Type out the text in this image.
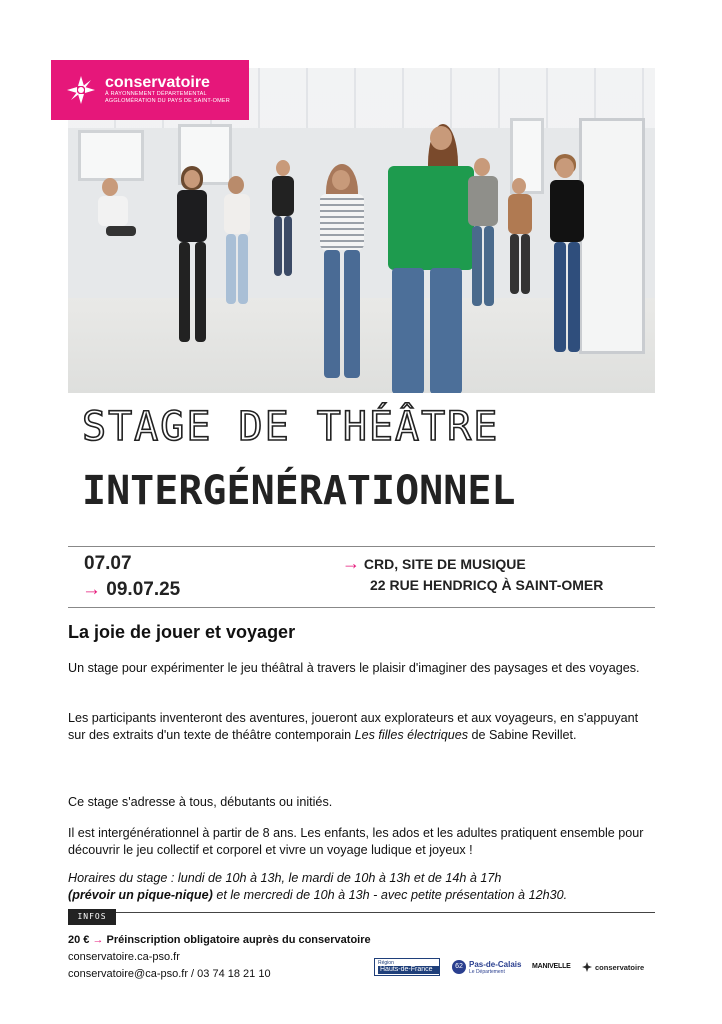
conservatoire
À RAYONNEMENT DÉPARTEMENTAL
AGGLOMÉRATION DU PAYS DE SAINT-OMER
STAGE DE THÉÂTRE
INTERGÉNÉRATIONNEL
07.07
→ 09.07.25
→ CRD, SITE DE MUSIQUE
22 RUE HENDRICQ À SAINT-OMER
La joie de jouer et voyager
Un stage pour expérimenter le jeu théâtral à travers le plaisir d'imaginer des paysages et des voyages.
Les participants inventeront des aventures, joueront aux explorateurs et aux voyageurs, en s'appuyant sur des extraits d'un texte de théâtre contemporain Les filles électriques de Sabine Revillet.
Ce stage s'adresse à tous, débutants ou initiés.
Il est intergénérationnel à partir de 8 ans. Les enfants, les ados et les adultes pratiquent ensemble pour découvrir le jeu collectif et corporel et vivre un voyage ludique et joyeux !
Horaires du stage : lundi de 10h à 13h, le mardi de 10h à 13h et de 14h à 17h
(prévoir un pique-nique) et le mercredi de 10h à 13h - avec petite présentation à 12h30.
INFOS
20 € → Préinscription obligatoire auprès du conservatoire
conservatoire.ca-pso.fr
conservatoire@ca-pso.fr / 03 74 18 21 10
Région
Hauts-de-France	62 Pas-de-Calais
Le Département
MANIVELLE	conservatoire
